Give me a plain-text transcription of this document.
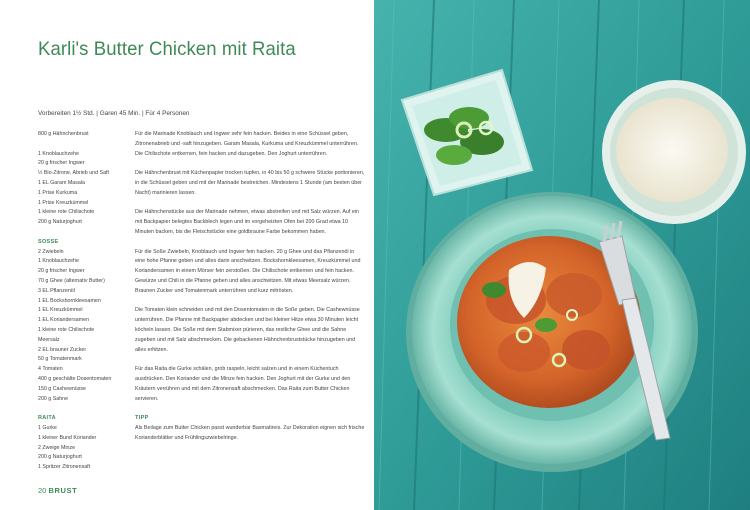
Karli's Butter Chicken mit Raita
Vorbereiten 1½ Std. | Garen 45 Min. | Für 4 Personen
800 g Hähnchenbrust
1 Knoblauchzehe
20 g frischer Ingwer
½ Bio-Zitrone, Abrieb und Saft
1 EL Garam Masala
1 Prise Kurkuma
1 Prise Kreuzkümmel
1 kleine rote Chilischote
200 g Naturjoghurt
SOSSE
2 Zwiebeln
1 Knoblauchzehe
20 g frischer Ingwer
70 g Ghee (alternativ Butter)
3 EL Pflanzenöl
1 EL Bockshornkleesamen
1 EL Kreuzkümmel
1 EL Koriandersamen
1 kleine rote Chilischote
Meersalz
2 EL brauner Zucker
50 g Tomatenmark
4 Tomaten
400 g geschälte Dosentomaten
150 g Cashewnüsse
200 g Sahne
RAITA
1 Gurke
1 kleiner Bund Koriander
2 Zweige Minze
200 g Naturjoghurt
1 Spritzer Zitronensaft

Für die Marinade Knoblauch und Ingwer sehr fein hacken. Beides in eine Schüssel geben, Zitronenabrieb und -saft hinzugeben. Garam Masala, Kurkuma und Kreuzkümmel unterrühren. Die Chilischote entkernen, fein hacken und dazugeben. Den Joghurt unterrühren.

Die Hähnchenbrust mit Küchenpapier trocken tupfen, in 40 bis 50 g schwere Stücke portionieren, in die Schüssel geben und mit der Marinade bestreichen. Mindestens 1 Stunde (am besten über Nacht) marinieren lassen.

Die Hähnchenstücke aus der Marinade nehmen, etwas abstreifen und mit Salz würzen. Auf ein mit Backpapier belegtes Backblech legen und im vorgeheizten Ofen bei 200 Grad etwa 10 Minuten backen, bis die Fleischstücke eine goldbraune Farbe bekommen haben.

Für die Soße Zwiebeln, Knoblauch und Ingwer fein hacken. 20 g Ghee und das Pflanzenöl in eine hohe Pfanne geben und alles darin anschwitzen. Bockshornkleesamen, Kreuzkümmel und Koriandersamen in einem Mörser fein zerstoßen. Die Chilischote entkernen und fein hacken. Gewürze und Chili in die Pfanne geben und alles anschwitzen. Mit etwas Meersalz würzen. Braunen Zucker und Tomatenmark unterrühren und kurz mitrösten.

Die Tomaten klein schneiden und mit den Dosentomaten in die Soße geben. Die Cashewnüsse unterrühren. Die Pfanne mit Backpapier abdecken und bei kleiner Hitze etwa 30 Minuten leicht köcheln lassen. Die Soße mit dem Stabmixer pürieren, das restliche Ghee und die Sahne zugeben und mit Salz abschmecken. Die gebackenen Hähnchenbruststücke hinzugeben und alles erhitzen.

Für das Raita die Gurke schälen, grob raspeln, leicht salzen und in einem Küchentuch ausdrücken. Den Koriander und die Minze fein hacken. Den Joghurt mit der Gurke und den Kräutern verrühren und mit dem Zitronensaft abschmecken. Das Raita zum Butter Chicken servieren.

TIPP

Als Beilage zum Butter Chicken passt wunderbar Basmatireis. Zur Dekoration eignen sich frische Korianderblätter und Frühlingszwiebelringe.

20 BRUST
